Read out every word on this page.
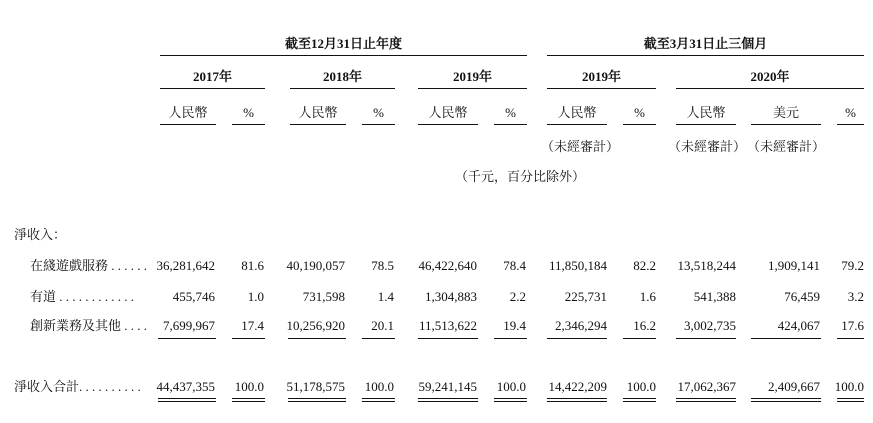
截至12月31日止年度	截至3月31日止三個月
2017年	2018年	2019年	2019年	2020年
人民幣	%	人民幣	%	人民幣	%	人民幣	%	人民幣	美元	%
（未經審計）	（未經審計） （未經審計）
（千元，百分比除外）
淨收入：
在綫遊戲服務 . . . . . . 36,281,642	81.6	40,190,057	78.5	46,422,640	78.4	11,850,184	82.2	13,518,244	1,909,141	79.2
有道 . . . . . . . . . . . .	455,746	1.0	731,598	1.4	1,304,883	2.2	225,731	1.6	541,388	76,459	3.2
創新業務及其他 . . . .	7,699,967	17.4	10,256,920	20.1	11,513,622	19.4	2,346,294	16.2	3,002,735	424,067	17.6
淨收入合計. . . . . . . . . .	44,437,355	100.0	51,178,575	100.0	59,241,145	100.0	14,422,209	100.0	17,062,367	2,409,667	100.0
